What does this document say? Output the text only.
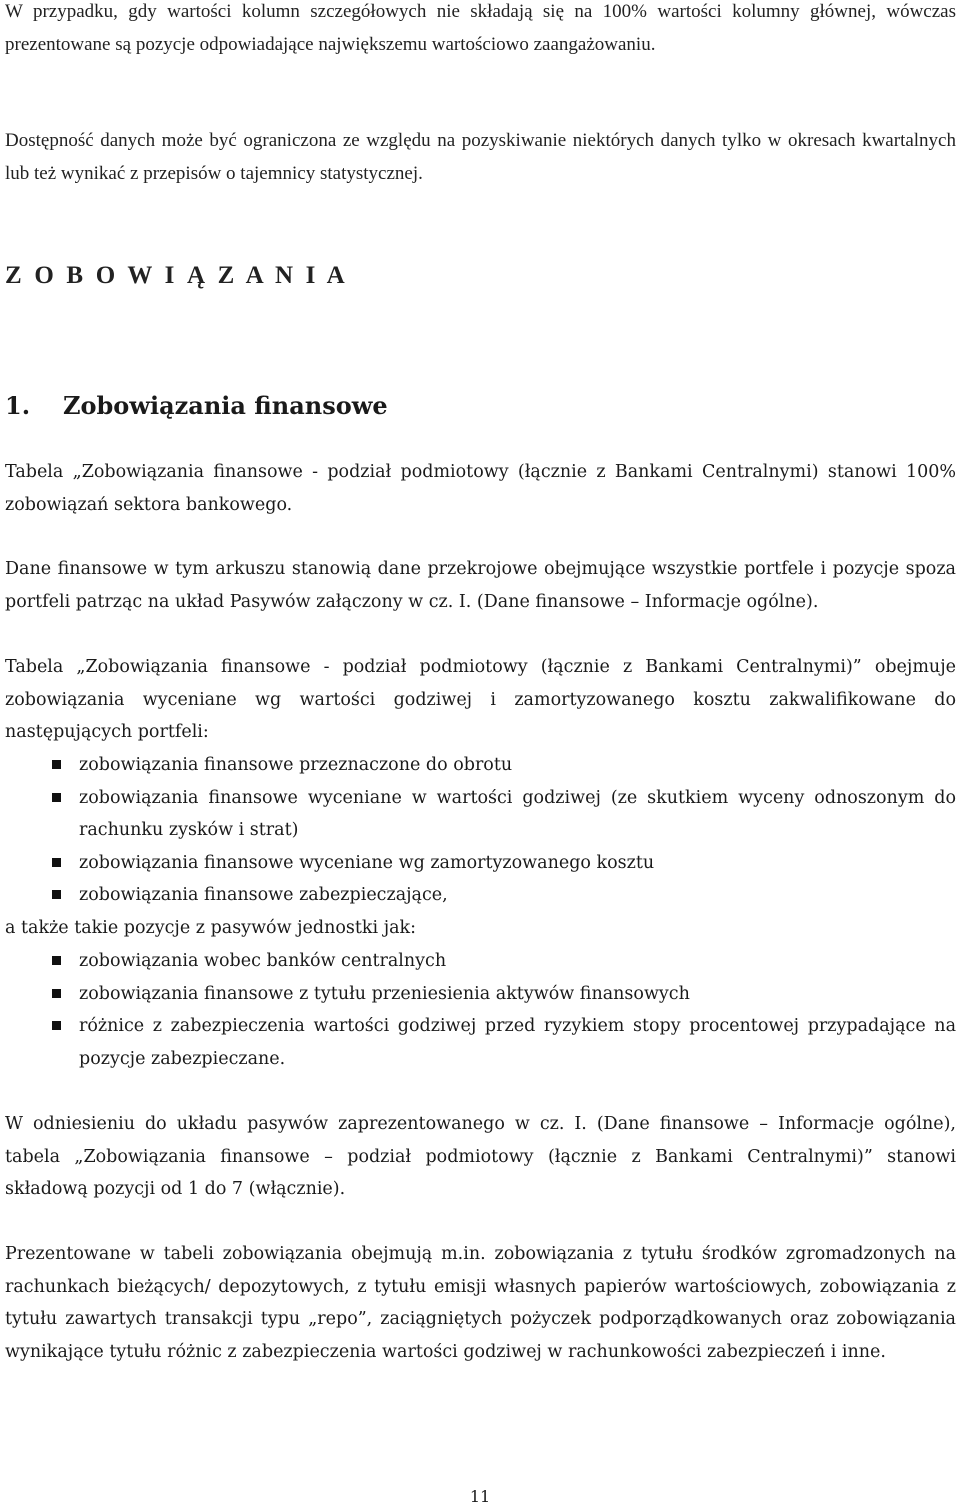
W przypadku, gdy wartości kolumn szczegółowych nie składają się na 100% wartości kolumny głównej, wówczas prezentowane są pozycje odpowiadające największemu wartościowo zaangażowaniu.

Dostępność danych może być ograniczona ze względu na pozyskiwanie niektórych danych tylko w okresach kwartalnych lub też wynikać z przepisów o tajemnicy statystycznej.

Z O B O W I Ą Z A N I A
1. Zobowiązania finansowe

Tabela „Zobowiązania finansowe - podział podmiotowy (łącznie z Bankami Centralnymi) stanowi 100% zobowiązań sektora bankowego.

Dane finansowe w tym arkuszu stanowią dane przekrojowe obejmujące wszystkie portfele i pozycje spoza portfeli patrząc na układ Pasywów załączony w cz. I. (Dane finansowe – Informacje ogólne).

Tabela „Zobowiązania finansowe - podział podmiotowy (łącznie z Bankami Centralnymi)” obejmuje zobowiązania wyceniane wg wartości godziwej i zamortyzowanego kosztu zakwalifikowane do następujących portfeli:

zobowiązania finansowe przeznaczone do obrotu
zobowiązania finansowe wyceniane w wartości godziwej (ze skutkiem wyceny odnoszonym do rachunku zysków i strat)
zobowiązania finansowe wyceniane wg zamortyzowanego kosztu
zobowiązania finansowe zabezpieczające,

a także takie pozycje z pasywów jednostki jak:

zobowiązania wobec banków centralnych
zobowiązania finansowe z tytułu przeniesienia aktywów finansowych
różnice z zabezpieczenia wartości godziwej przed ryzykiem stopy procentowej przypadające na pozycje zabezpieczane.

W odniesieniu do układu pasywów zaprezentowanego w cz. I. (Dane finansowe – Informacje ogólne), tabela „Zobowiązania finansowe – podział podmiotowy (łącznie z Bankami Centralnymi)” stanowi składową pozycji od 1 do 7 (włącznie).

Prezentowane w tabeli zobowiązania obejmują m.in. zobowiązania z tytułu środków zgromadzonych na rachunkach bieżących/ depozytowych, z tytułu emisji własnych papierów wartościowych, zobowiązania z tytułu zawartych transakcji typu „repo”, zaciągniętych pożyczek podporządkowanych oraz zobowiązania wynikające tytułu różnic z zabezpieczenia wartości godziwej w rachunkowości zabezpieczeń i inne.

11
